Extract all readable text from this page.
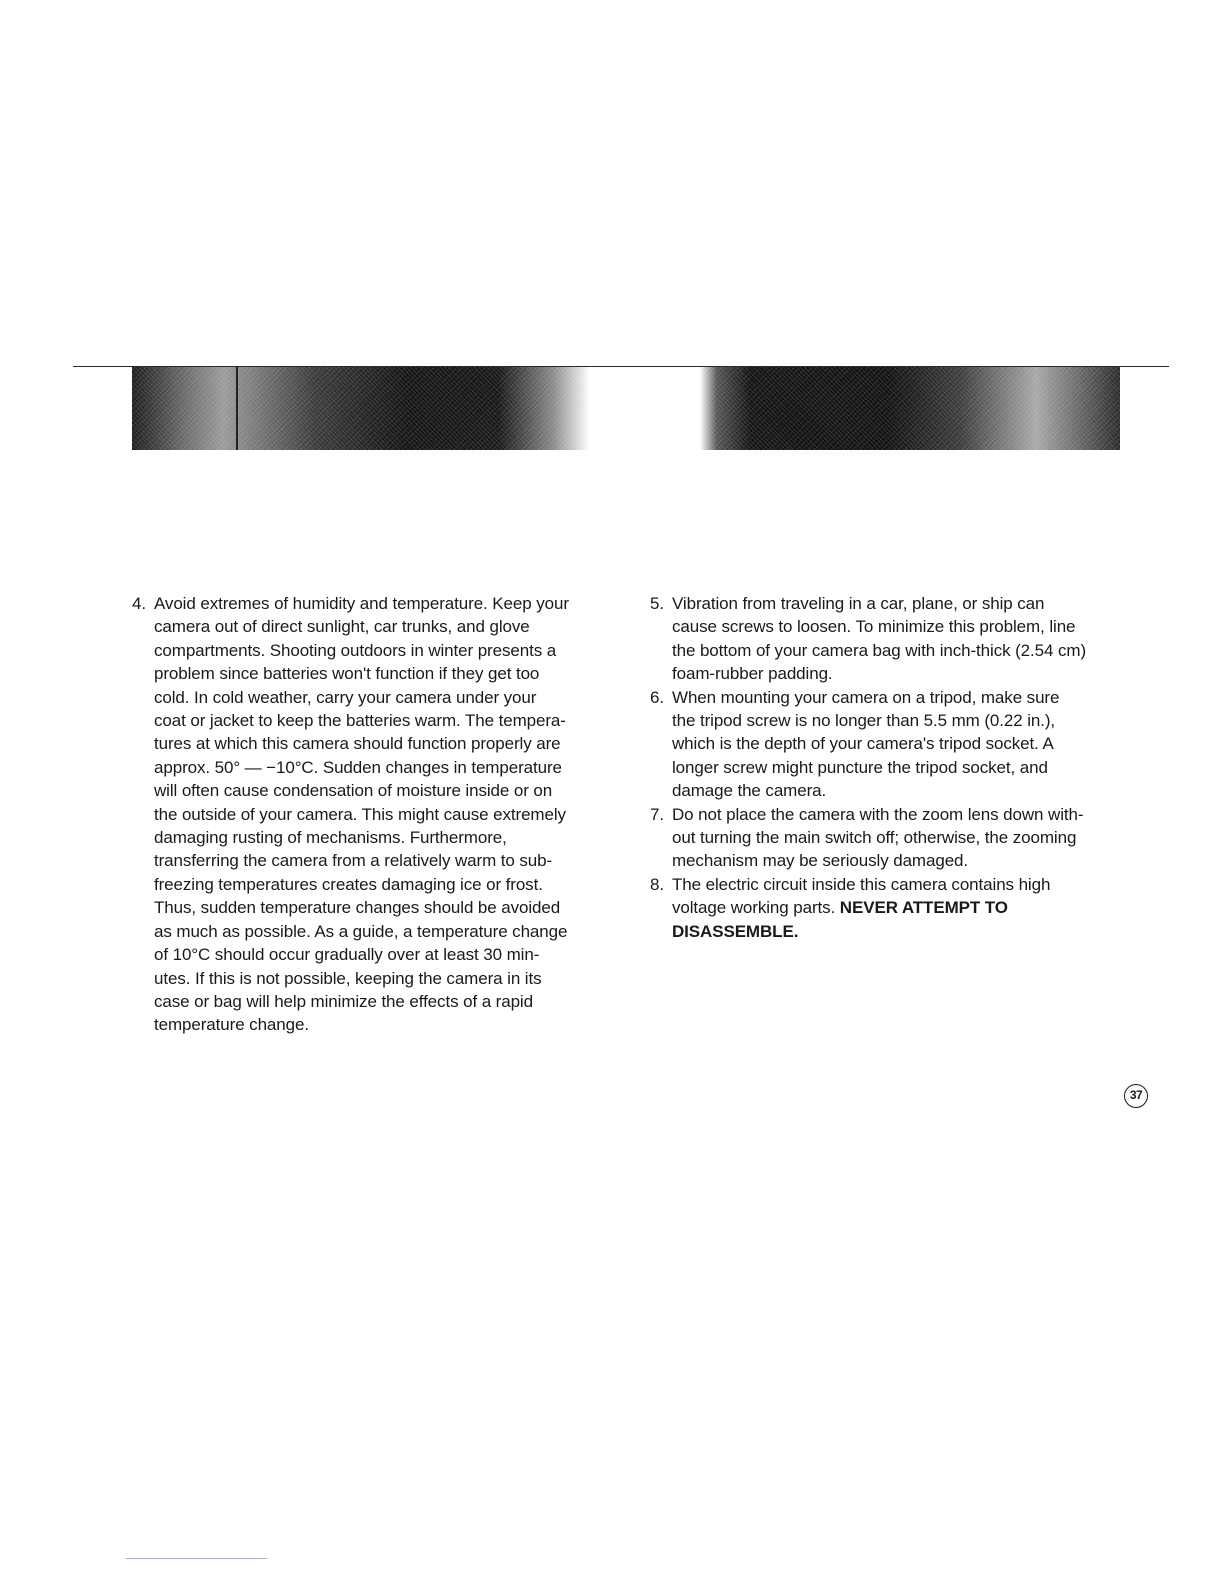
4. Avoid extremes of humidity and temperature. Keep your
camera out of direct sunlight, car trunks, and glove
compartments. Shooting outdoors in winter presents a
problem since batteries won't function if they get too
cold. In cold weather, carry your camera under your
coat or jacket to keep the batteries warm. The tempera-
tures at which this camera should function properly are
approx. 50° — −10°C. Sudden changes in temperature
will often cause condensation of moisture inside or on
the outside of your camera. This might cause extremely
damaging rusting of mechanisms. Furthermore,
transferring the camera from a relatively warm to sub-
freezing temperatures creates damaging ice or frost.
Thus, sudden temperature changes should be avoided
as much as possible. As a guide, a temperature change
of 10°C should occur gradually over at least 30 min-
utes. If this is not possible, keeping the camera in its
case or bag will help minimize the effects of a rapid
temperature change.
5. Vibration from traveling in a car, plane, or ship can
cause screws to loosen. To minimize this problem, line
the bottom of your camera bag with inch-thick (2.54 cm)
foam-rubber padding.
6. When mounting your camera on a tripod, make sure
the tripod screw is no longer than 5.5 mm (0.22 in.),
which is the depth of your camera's tripod socket. A
longer screw might puncture the tripod socket, and
damage the camera.
7. Do not place the camera with the zoom lens down with-
out turning the main switch off; otherwise, the zooming
mechanism may be seriously damaged.
8. The electric circuit inside this camera contains high
voltage working parts. NEVER ATTEMPT TO
DISASSEMBLE.
37
